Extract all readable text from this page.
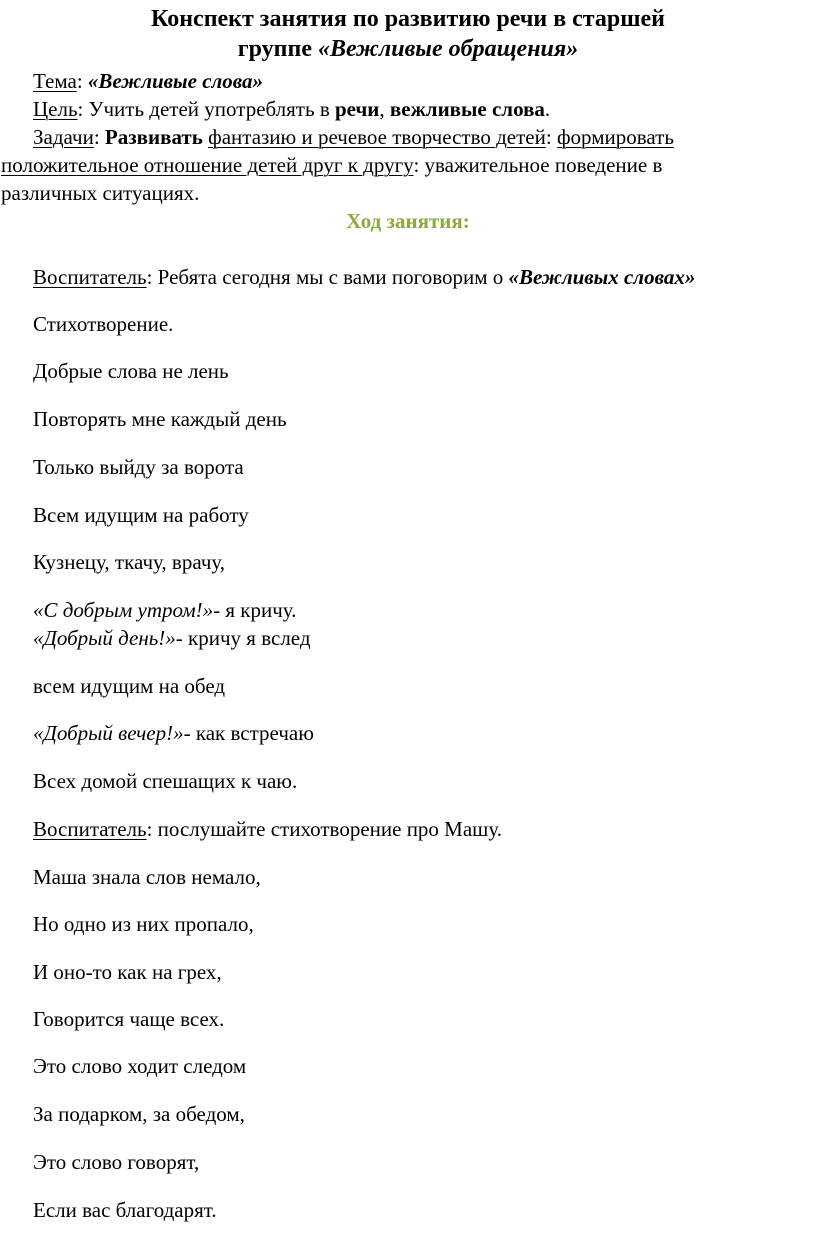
Конспект занятия по развитию речи в старшей
группе «Вежливые обращения»
Тема: «Вежливые слова»
Цель: Учить детей употреблять в речи, вежливые слова.
Задачи: Развивать фантазию и речевое творчество детей: формировать
положительное отношение детей друг к другу: уважительное поведение в
различных ситуациях.
Ход занятия:
Воспитатель: Ребята сегодня мы с вами поговорим о «Вежливых словах»
Стихотворение.
Добрые слова не лень
Повторять мне каждый день
Только выйду за ворота
Всем идущим на работу
Кузнецу, ткачу, врачу,
«С добрым утром!»- я кричу.
«Добрый день!»- кричу я вслед
всем идущим на обед
«Добрый вечер!»- как встречаю
Всех домой спешащих к чаю.
Воспитатель: послушайте стихотворение про Машу.
Маша знала слов немало,
Но одно из них пропало,
И оно-то как на грех,
Говорится чаще всех.
Это слово ходит следом
За подарком, за обедом,
Это слово говорят,
Если вас благодарят.
